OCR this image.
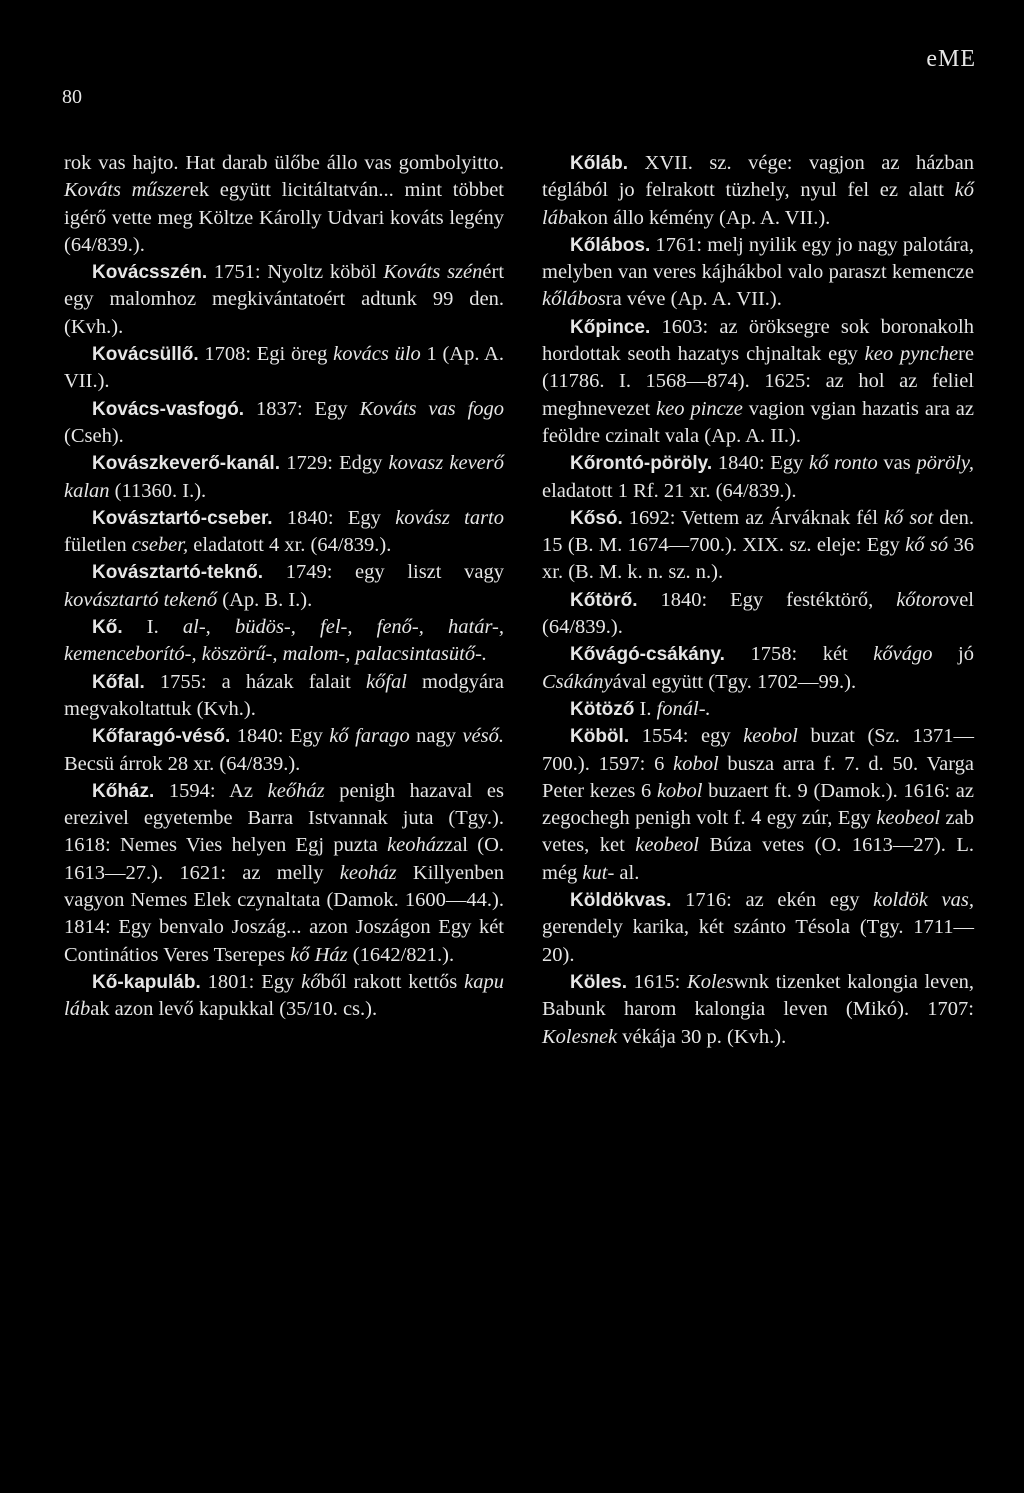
eME
80

rok vas hajto. Hat darab ülőbe állo vas gombolyitto. Kováts műszerek együtt licitáltatván... mint többet igérő vette meg Költze Károlly Udvari kováts legény (64/839.).

Kovácsszén. 1751: Nyoltz köböl Kováts szénért egy malomhoz megkivántatoért adtunk 99 den. (Kvh.).

Kovácsüllő. 1708: Egi öreg kovács ülo 1 (Ap. A. VII.).

Kovács-vasfogó. 1837: Egy Kováts vas fogo (Cseh).

Kovászkeverő-kanál. 1729: Edgy kovasz keverő kalan (11360. I.).

Kovásztartó-cseber. 1840: Egy kovász tarto fületlen cseber, eladatott 4 xr. (64/839.).

Kovásztartó-teknő. 1749: egy liszt vagy kovásztartó tekenő (Ap. B. I.).

Kő. I. al-, büdös-, fel-, fenő-, határ-, kemenceborító-, köszörű-, malom-, palacsintasütő-.

Kőfal. 1755: a házak falait kőfal modgyára megvakoltattuk (Kvh.).

Kőfaragó-véső. 1840: Egy kő farago nagy véső. Becsü árrok 28 xr. (64/839.).

Kőház. 1594: Az keőház penigh hazaval es erezivel egyetembe Barra Istvannak juta (Tgy.). 1618: Nemes Vies helyen Egj puzta keoházzal (O. 1613—27.). 1621: az melly keoház Killyenben vagyon Nemes Elek czynaltata (Damok. 1600—44.). 1814: Egy benvalo Joszág... azon Joszágon Egy két Continátios Veres Tserepes kő Ház (1642/821.).

Kő-kapuláb. 1801: Egy kőből rakott kettős kapu lábak azon levő kapukkal (35/10. cs.).

Kőláb. XVII. sz. vége: vagjon az házban téglából jo felrakott tüzhely, nyul fel ez alatt kő lábakon állo kémény (Ap. A. VII.).

Kőlábos. 1761: melj nyilik egy jo nagy palotára, melyben van veres kájhákbol valo paraszt kemencze kőlábosra véve (Ap. A. VII.).

Kőpince. 1603: az öröksegre sok boronakolh hordottak seoth hazatys chjnaltak egy keo pynchere (11786. I. 1568—874). 1625: az hol az feliel meghnevezet keo pincze vagion vgian hazatis ara az feöldre czinalt vala (Ap. A. II.).

Kőrontó-pöröly. 1840: Egy kő ronto vas pöröly, eladatott 1 Rf. 21 xr. (64/839.).

Kősó. 1692: Vettem az Árváknak fél kő sot den. 15 (B. M. 1674—700.). XIX. sz. eleje: Egy kő só 36 xr. (B. M. k. n. sz. n.).

Kőtörő. 1840: Egy festéktörő, kőtorovel (64/839.).

Kővágó-csákány. 1758: két kővágo jó Csákányával együtt (Tgy. 1702—99.).

Kötöző I. fonál-.

Köböl. 1554: egy keobol buzat (Sz. 1371—700.). 1597: 6 kobol busza arra f. 7. d. 50. Varga Peter kezes 6 kobol buzaert ft. 9 (Damok.). 1616: az zegochegh penigh volt f. 4 egy zúr, Egy keobeol zab vetes, ket keobeol Búza vetes (O. 1613—27). L. még kut- al.

Köldökvas. 1716: az ekén egy koldök vas, gerendely karika, két szánto Tésola (Tgy. 1711—20).

Köles. 1615: Koleswnk tizenket kalongia leven, Babunk harom kalongia leven (Mikó). 1707: Kolesnek vékája 30 p. (Kvh.).
